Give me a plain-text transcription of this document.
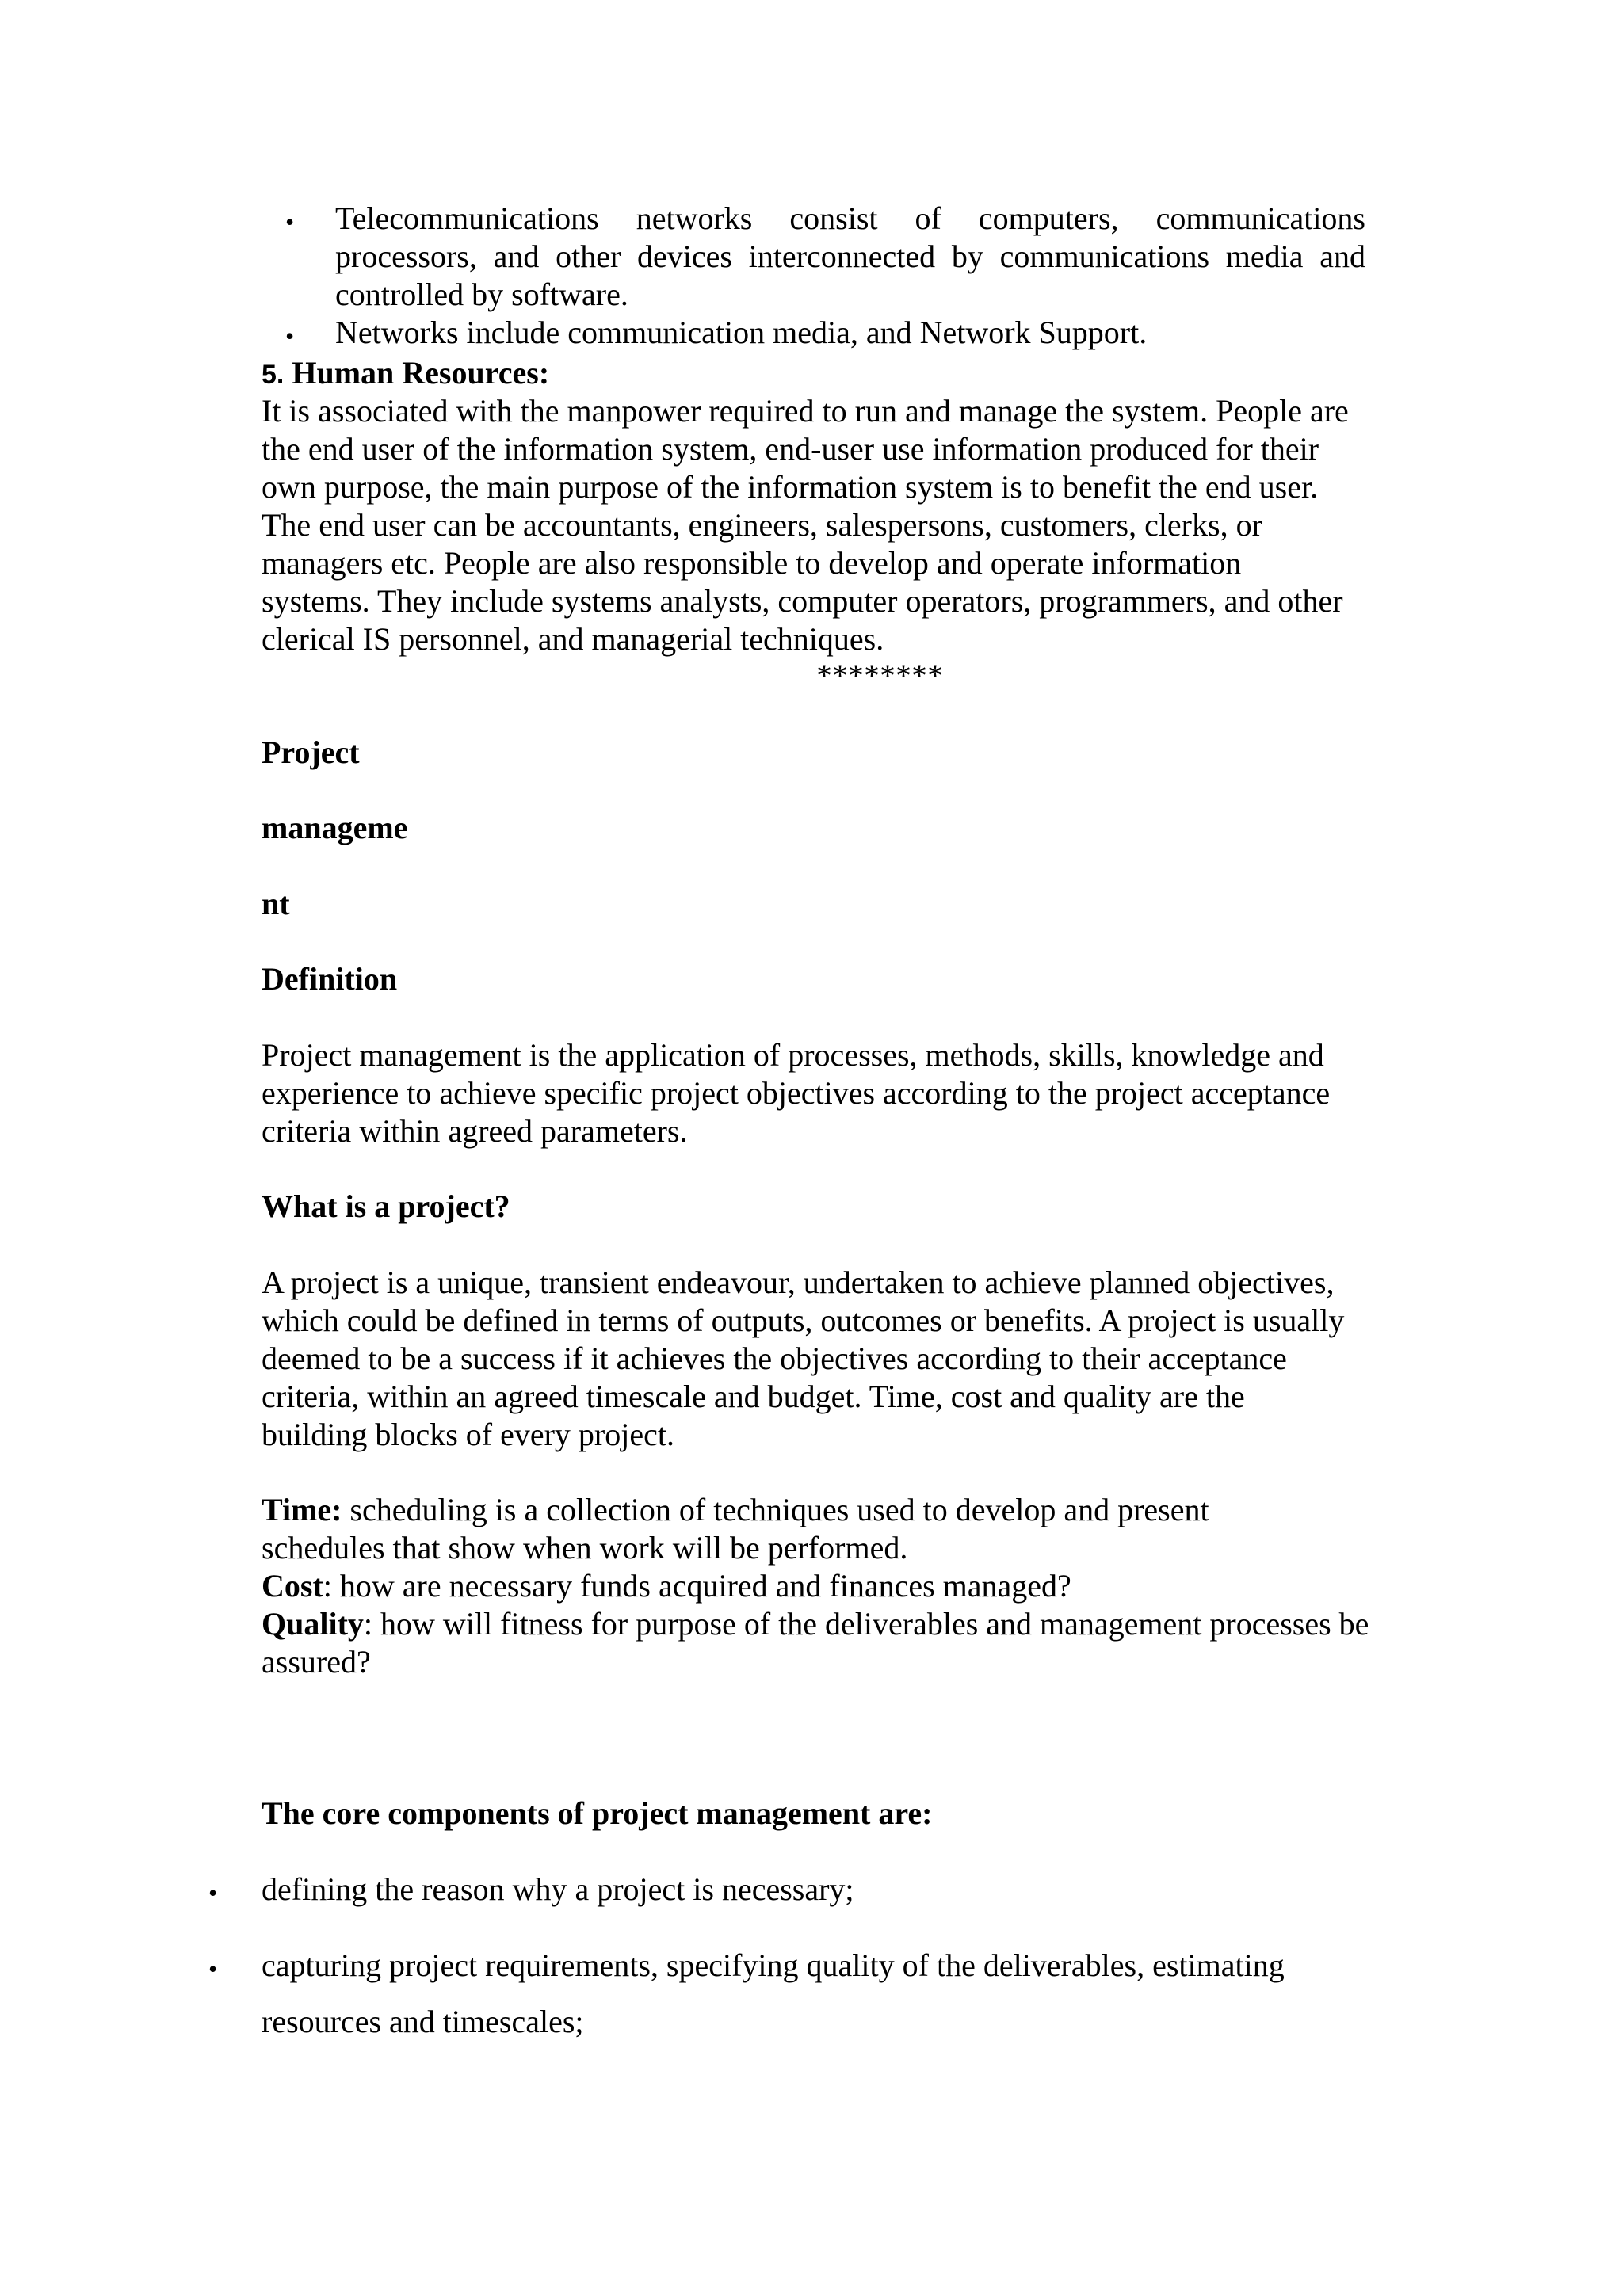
• Telecommunications networks consist of computers, communications
processors, and other devices interconnected by communications media and
controlled by software.
• Networks include communication media, and Network Support.
5. Human Resources:
It is associated with the manpower required to run and manage the system. People are
the end user of the information system, end-user use information produced for their
own purpose, the main purpose of the information system is to benefit the end user.
The end user can be accountants, engineers, salespersons, customers, clerks, or
managers etc. People are also responsible to develop and operate information
systems. They include systems analysts, computer operators, programmers, and other
clerical IS personnel, and managerial techniques.
********
Project
manageme
nt
Definition
Project management is the application of processes, methods, skills, knowledge and
experience to achieve specific project objectives according to the project acceptance
criteria within agreed parameters.
What is a project?
A project is a unique, transient endeavour, undertaken to achieve planned objectives,
which could be defined in terms of outputs, outcomes or benefits. A project is usually
deemed to be a success if it achieves the objectives according to their acceptance
criteria, within an agreed timescale and budget. Time, cost and quality are the
building blocks of every project.
Time: scheduling is a collection of techniques used to develop and present
schedules that show when work will be performed.
Cost: how are necessary funds acquired and finances managed?
Quality: how will fitness for purpose of the deliverables and management processes be
assured?
The core components of project management are:
• defining the reason why a project is necessary;
• capturing project requirements, specifying quality of the deliverables, estimating
resources and timescales;
